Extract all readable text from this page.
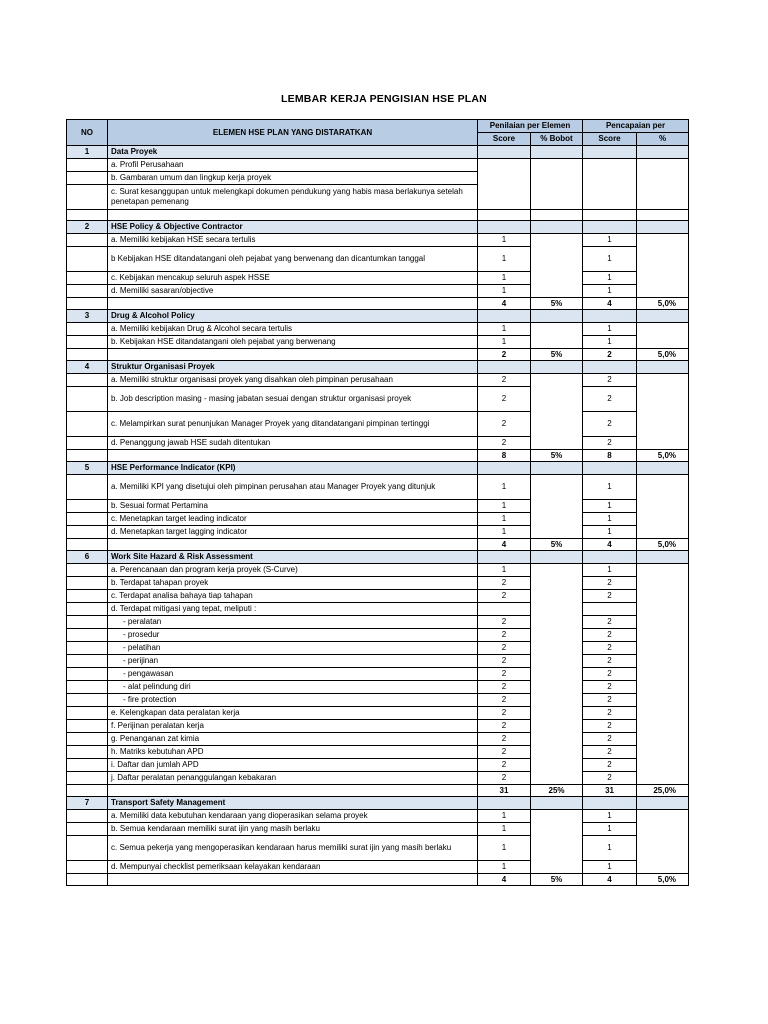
LEMBAR KERJA PENGISIAN HSE PLAN
NO	ELEMEN HSE PLAN YANG DISTARATKAN	Penilaian per Elemen		Pencapaian per	
		Score	% Bobot	Score	%
1	Data Proyek				
	a. Profil Perusahaan				
	b. Gambaran umum dan lingkup kerja proyek				
	c. Surat kesanggupan untuk melengkapi dokumen pendukung yang habis masa berlakunya setelah penetapan pemenang				

2	HSE Policy & Objective Contractor				
	a. Memiliki kebijakan HSE secara tertulis	1		1	
	b Kebijakan HSE ditandatangani oleh pejabat yang berwenang dan dicantumkan tanggal	1		1	
	c. Kebijakan mencakup seluruh aspek HSSE	1		1	
	d. Memiliki sasaran/objective	1		1	
		4	5%	4	5,0%
3	Drug & Alcohol Policy				
	a. Memiliki kebijakan Drug & Alcohol secara tertulis	1		1	
	b. Kebijakan HSE ditandatangani oleh pejabat yang berwenang	1		1	
		2	5%	2	5,0%
4	Struktur Organisasi Proyek				
	a. Memiliki struktur organisasi proyek yang disahkan oleh pimpinan perusahaan	2		2	
	b. Job description masing - masing jabatan sesuai dengan struktur organisasi proyek	2		2	
	c. Melampirkan surat penunjukan Manager Proyek yang ditandatangani pimpinan tertinggi	2		2	
	d. Penanggung jawab HSE sudah ditentukan	2		2	
		8	5%	8	5,0%
5	HSE Performance Indicator (KPI)				
	a. Memiliki KPI yang disetujui oleh pimpinan perusahan atau Manager Proyek yang ditunjuk	1		1	
	b. Sesuai format Pertamina	1		1	
	c. Menetapkan target leading indicator	1		1	
	d. Menetapkan target lagging indicator	1		1	
		4	5%	4	5,0%
6	Work Site Hazard & Risk Assessment				
	a. Perencanaan dan program kerja proyek (S-Curve)	1		1	
	b. Terdapat tahapan proyek	2		2	
	c. Terdapat analisa bahaya tiap tahapan	2		2	
	d. Terdapat mitigasi yang tepat, meliputi :				
	- peralatan	2		2	
	- prosedur	2		2	
	- pelatihan	2		2	
	- perijinan	2		2	
	- pengawasan	2		2	
	- alat pelindung diri	2		2	
	- fire protection	2		2	
	e. Kelengkapan data peralatan kerja	2		2	
	f. Perijinan peralatan kerja	2		2	
	g. Penanganan zat kimia	2		2	
	h. Matriks kebutuhan APD	2		2	
	i. Daftar dan jumlah APD	2		2	
	j. Daftar peralatan penanggulangan kebakaran	2		2	
		31	25%	31	25,0%
7	Transport Safety Management				
	a. Memiliki data kebutuhan kendaraan yang dioperasikan selama proyek	1		1	
	b. Semua kendaraan memiliki surat ijin yang masih berlaku	1		1	
	c. Semua pekerja yang mengoperasikan kendaraan harus memiliki surat ijin yang masih berlaku	1		1	
	d. Mempunyai checklist pemeriksaan kelayakan kendaraan	1		1	
		4	5%	4	5,0%
